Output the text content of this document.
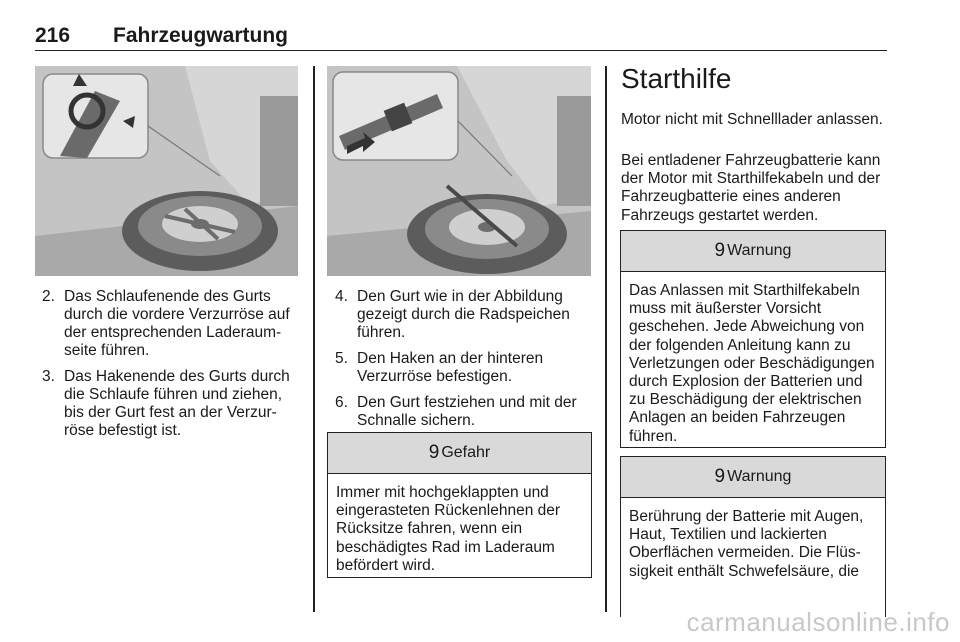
216 Fahrzeugwartung
2. Das Schlaufenende des Gurts durch die vordere Verzurröse auf der entsprechenden Laderaumseite führen.
3. Das Hakenende des Gurts durch die Schlaufe führen und ziehen, bis der Gurt fest an der Verzurröse befestigt ist.
4. Den Gurt wie in der Abbildung gezeigt durch die Radspeichen führen.
5. Den Haken an der hinteren Verzurröse befestigen.
6. Den Gurt festziehen und mit der Schnalle sichern.
9 Gefahr
Immer mit hochgeklappten und eingerasteten Rückenlehnen der Rücksitze fahren, wenn ein beschädigtes Rad im Laderaum befördert wird.
Starthilfe

Motor nicht mit Schnelllader anlassen.

Bei entladener Fahrzeugbatterie kann der Motor mit Starthilfekabeln und der Fahrzeugbatterie eines anderen Fahrzeugs gestartet werden.

9 Warnung
Das Anlassen mit Starthilfekabeln muss mit äußerster Vorsicht geschehen. Jede Abweichung von der folgenden Anleitung kann zu Verletzungen oder Beschädigungen durch Explosion der Batterien und zu Beschädigung der elektrischen Anlagen an beiden Fahrzeugen führen.
9 Warnung
Berührung der Batterie mit Augen, Haut, Textilien und lackierten Oberflächen vermeiden. Die Flüssigkeit enthält Schwefelsäure, die
carmanualsonline.info
